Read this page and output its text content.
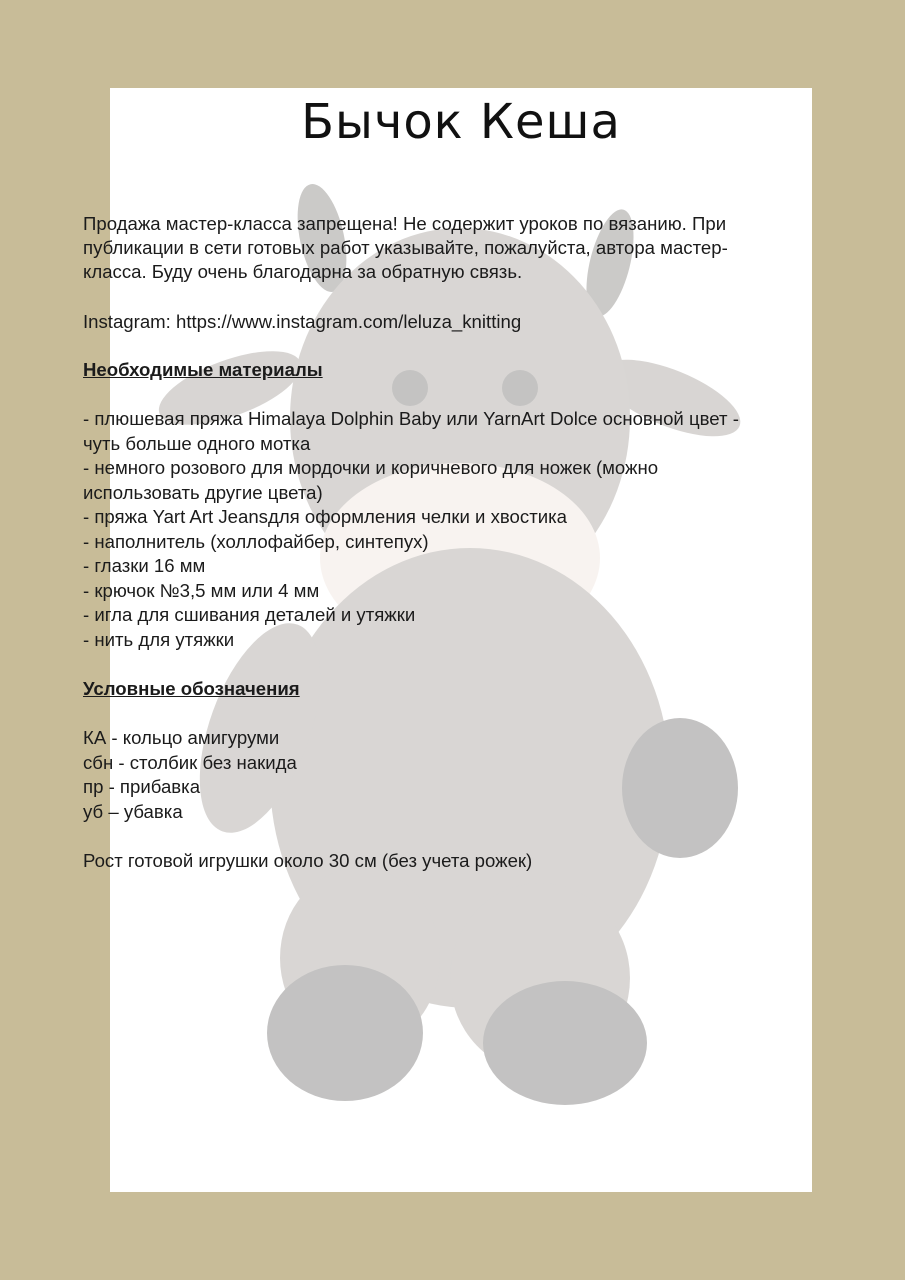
Бычок Кеша

Продажа мастер-класса запрещена! Не содержит уроков по вязанию. При

публикации в сети готовых работ указывайте, пожалуйста, автора мастер-

класса. Буду очень благодарна за обратную связь.

Instagram: https://www.instagram.com/leluza_knitting

Необходимые материалы

- плюшевая пряжа Himalaya Dolphin Baby или YarnArt Dolce основной цвет -

чуть больше одного мотка

- немного розового для мордочки и коричневого для ножек (можно

использовать другие цвета)

- пряжа Yart Art Jeansдля оформления челки и хвостика

- наполнитель (холлофайбер, синтепух)

- глазки 16 мм

- крючок №3,5 мм или 4 мм

- игла для сшивания деталей и утяжки

- нить для утяжки

Условные обозначения

КА - кольцо амигуруми

сбн - столбик без накида

пр - прибавка

уб – убавка

Рост готовой игрушки около 30 см (без учета рожек)
